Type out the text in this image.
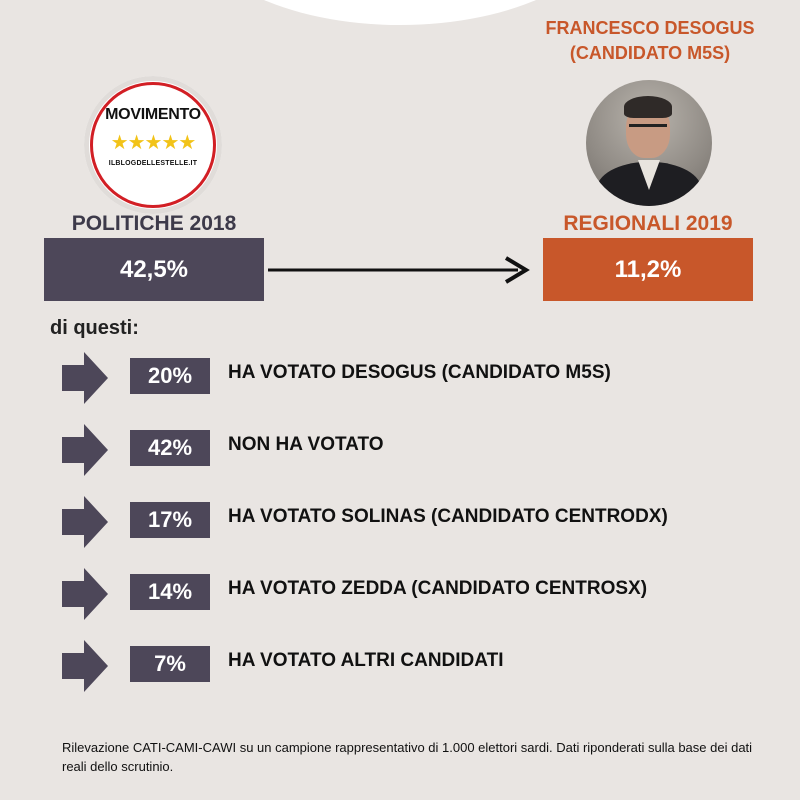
FRANCESCO DESOGUS
(CANDIDATO M5S)
MOVIMENTO
★★★★★
ILBLOGDELLESTELLE.IT
POLITICHE 2018
42,5%
REGIONALI 2019
11,2%
di questi:
20%	HA VOTATO DESOGUS (CANDIDATO M5S)
42%	NON HA VOTATO
17%	HA VOTATO SOLINAS (CANDIDATO CENTRODX)
14%	HA VOTATO ZEDDA (CANDIDATO CENTROSX)
7%	HA VOTATO ALTRI CANDIDATI
Rilevazione CATI-CAMI-CAWI su un campione rappresentativo di 1.000 elettori sardi. Dati riponderati sulla base dei dati reali dello scrutinio.
